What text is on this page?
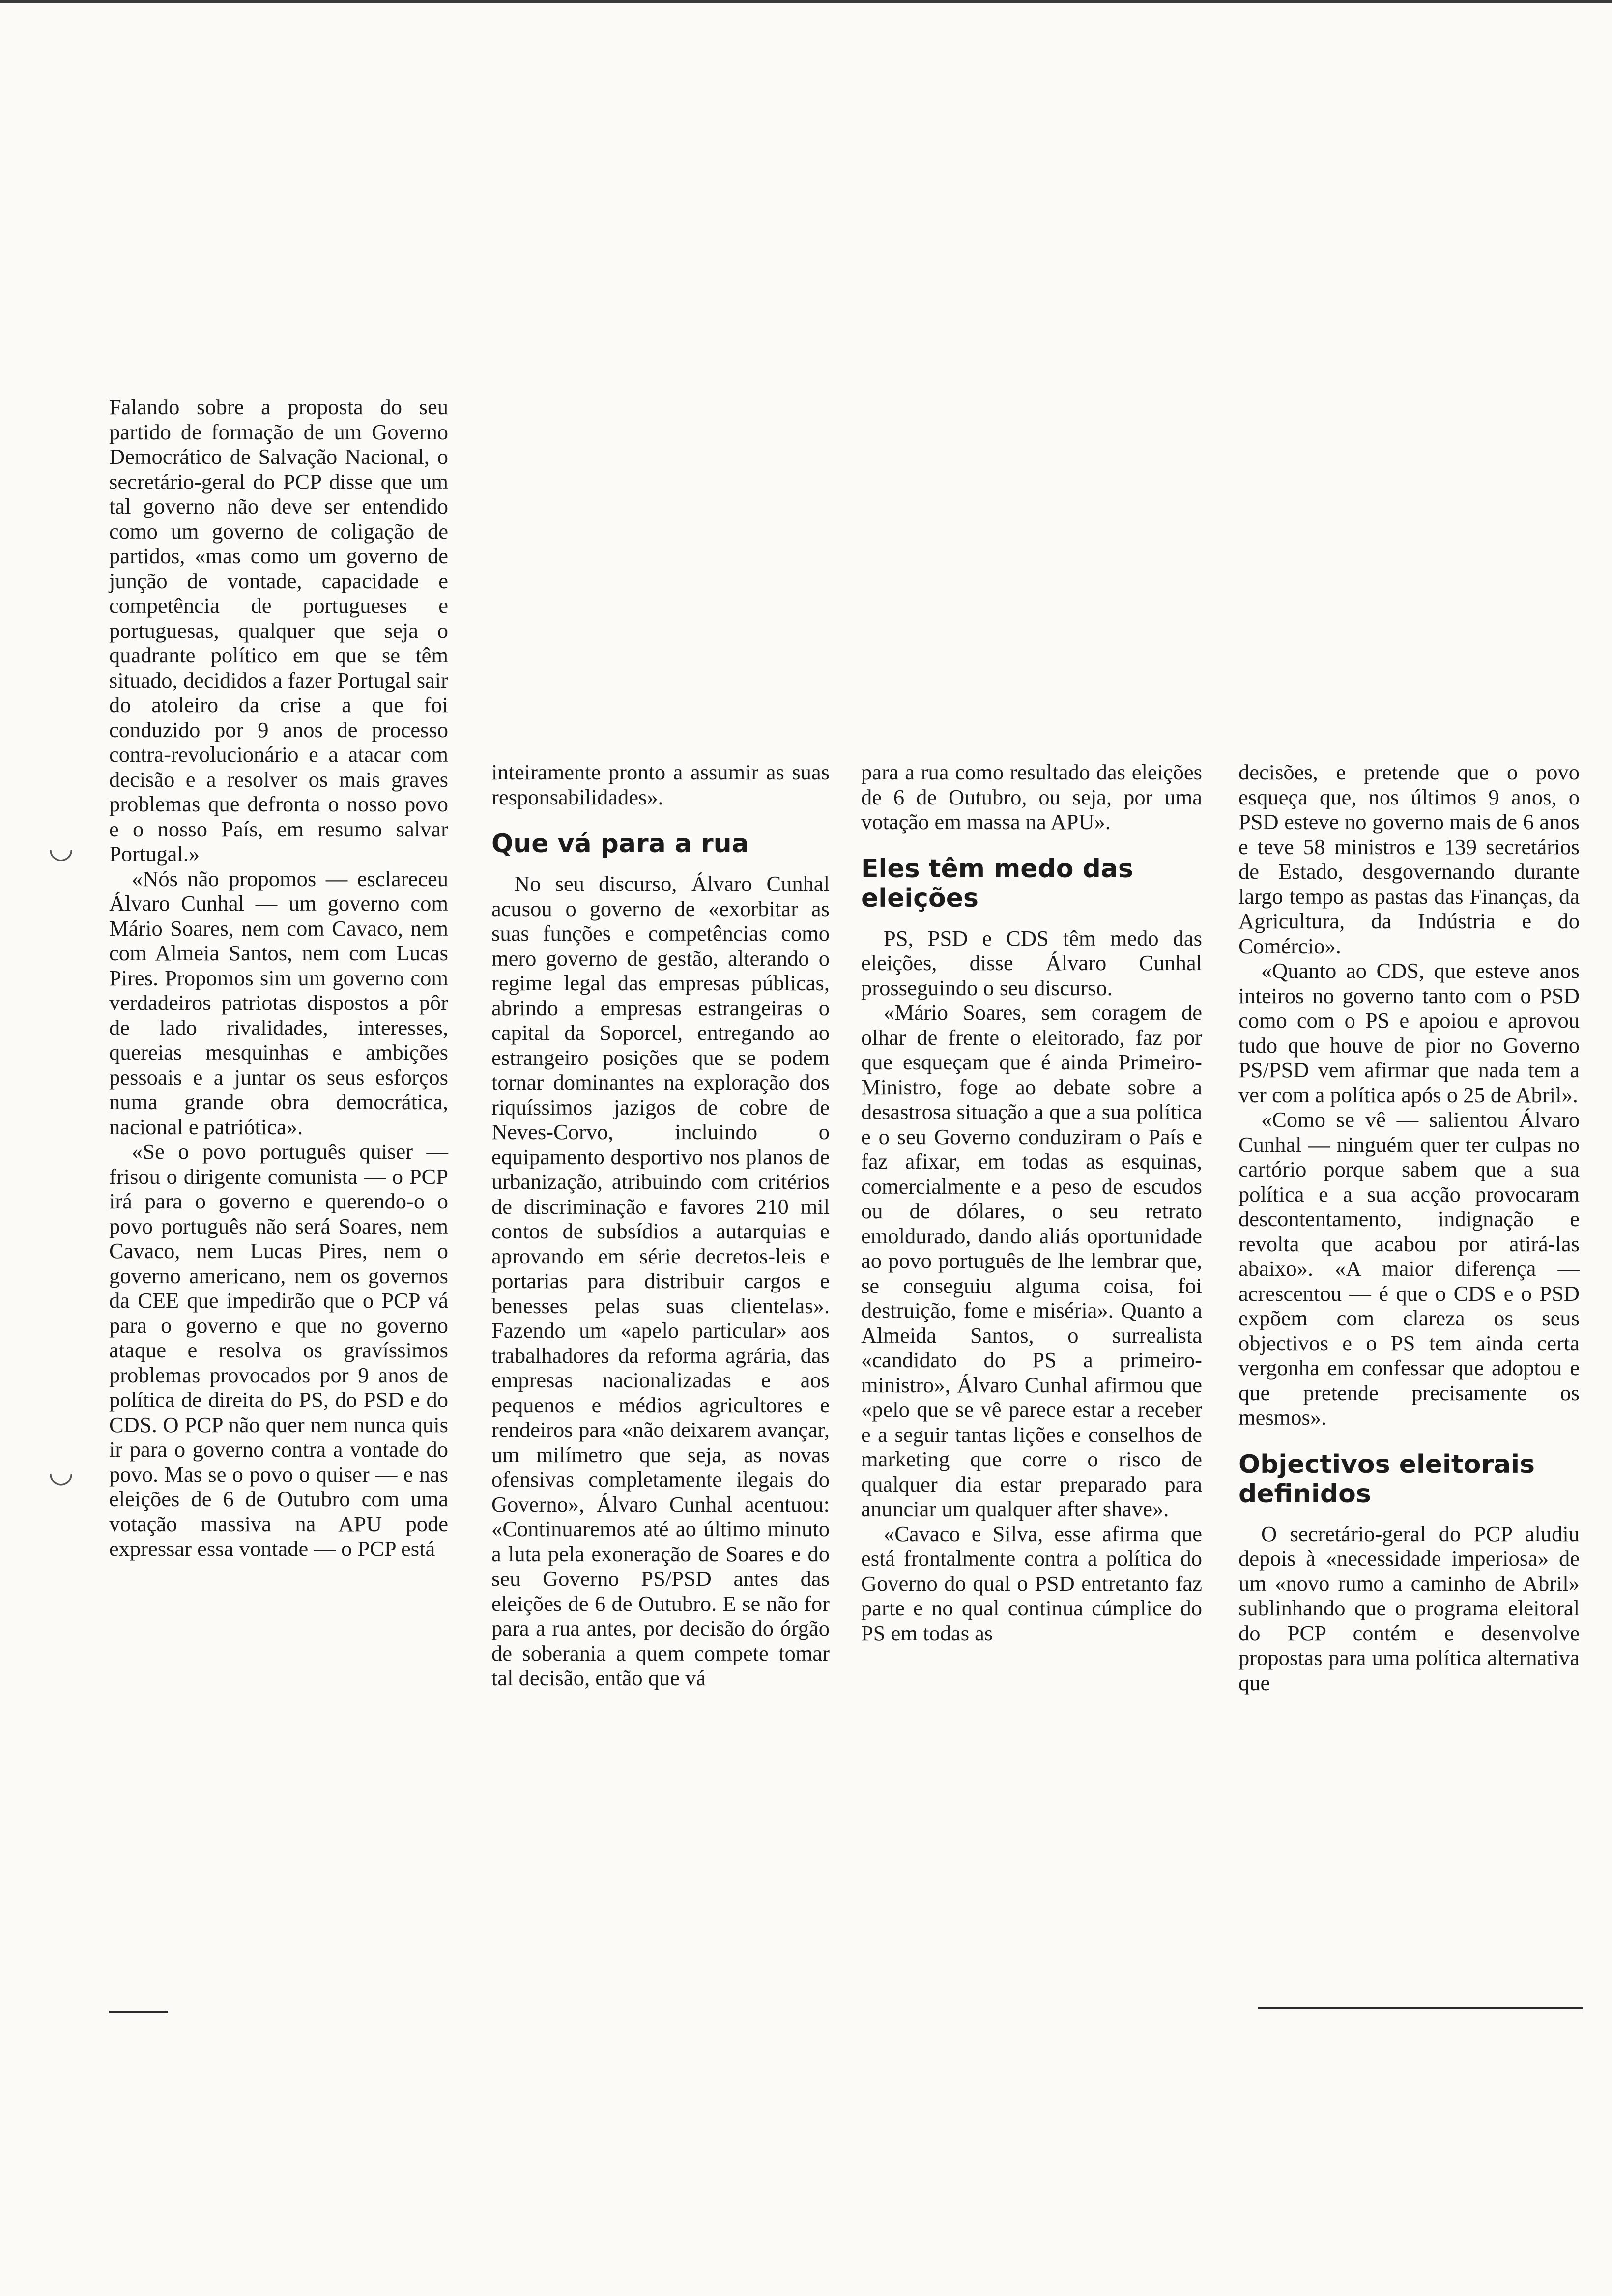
Falando sobre a proposta do seu partido de formação de um Governo Democrático de Salvação Nacional, o secretário-geral do PCP disse que um tal governo não deve ser entendido como um governo de coligação de partidos, «mas como um governo de junção de vontade, capacidade e competência de portugueses e portuguesas, qualquer que seja o quadrante político em que se têm situado, decididos a fazer Portugal sair do atoleiro da crise a que foi conduzido por 9 anos de processo contra-revolucionário e a atacar com decisão e a resolver os mais graves problemas que defronta o nosso povo e o nosso País, em resumo salvar Portugal.»

«Nós não propomos — esclareceu Álvaro Cunhal — um governo com Mário Soares, nem com Cavaco, nem com Almeia Santos, nem com Lucas Pires. Propomos sim um governo com verdadeiros patriotas dispostos a pôr de lado rivalidades, interesses, quereias mesquinhas e ambições pessoais e a juntar os seus esforços numa grande obra democrática, nacional e patriótica».

«Se o povo português quiser — frisou o dirigente comunista — o PCP irá para o governo e querendo-o o povo português não será Soares, nem Cavaco, nem Lucas Pires, nem o governo americano, nem os governos da CEE que impedirão que o PCP vá para o governo e que no governo ataque e resolva os gravíssimos problemas provocados por 9 anos de política de direita do PS, do PSD e do CDS. O PCP não quer nem nunca quis ir para o governo contra a vontade do povo. Mas se o povo o quiser — e nas eleições de 6 de Outubro com uma votação massiva na APU pode expressar essa vontade — o PCP está

inteiramente pronto a assumir as suas responsabilidades».

Que vá para a rua

No seu discurso, Álvaro Cunhal acusou o governo de «exorbitar as suas funções e competências como mero governo de gestão, alterando o regime legal das empresas públicas, abrindo a empresas estrangeiras o capital da Soporcel, entregando ao estrangeiro posições que se podem tornar dominantes na exploração dos riquíssimos jazigos de cobre de Neves-Corvo, incluindo o equipamento desportivo nos planos de urbanização, atribuindo com critérios de discriminação e favores 210 mil contos de subsídios a autarquias e aprovando em série decretos-leis e portarias para distribuir cargos e benesses pelas suas clientelas». Fazendo um «apelo particular» aos trabalhadores da reforma agrária, das empresas nacionalizadas e aos pequenos e médios agricultores e rendeiros para «não deixarem avançar, um milímetro que seja, as novas ofensivas completamente ilegais do Governo», Álvaro Cunhal acentuou: «Continuaremos até ao último minuto a luta pela exoneração de Soares e do seu Governo PS/PSD antes das eleições de 6 de Outubro. E se não for para a rua antes, por decisão do órgão de soberania a quem compete tomar tal decisão, então que vá

para a rua como resultado das eleições de 6 de Outubro, ou seja, por uma votação em massa na APU».

Eles têm medo das eleições

PS, PSD e CDS têm medo das eleições, disse Álvaro Cunhal prosseguindo o seu discurso.

«Mário Soares, sem coragem de olhar de frente o eleitorado, faz por que esqueçam que é ainda Primeiro-Ministro, foge ao debate sobre a desastrosa situação a que a sua política e o seu Governo conduziram o País e faz afixar, em todas as esquinas, comercialmente e a peso de escudos ou de dólares, o seu retrato emoldurado, dando aliás oportunidade ao povo português de lhe lembrar que, se conseguiu alguma coisa, foi destruição, fome e miséria». Quanto a Almeida Santos, o surrealista «candidato do PS a primeiro-ministro», Álvaro Cunhal afirmou que «pelo que se vê parece estar a receber e a seguir tantas lições e conselhos de marketing que corre o risco de qualquer dia estar preparado para anunciar um qualquer after shave».

«Cavaco e Silva, esse afirma que está frontalmente contra a política do Governo do qual o PSD entretanto faz parte e no qual continua cúmplice do PS em todas as

decisões, e pretende que o povo esqueça que, nos últimos 9 anos, o PSD esteve no governo mais de 6 anos e teve 58 ministros e 139 secretários de Estado, desgovernando durante largo tempo as pastas das Finanças, da Agricultura, da Indústria e do Comércio».

«Quanto ao CDS, que esteve anos inteiros no governo tanto com o PSD como com o PS e apoiou e aprovou tudo que houve de pior no Governo PS/PSD vem afirmar que nada tem a ver com a política após o 25 de Abril».

«Como se vê — salientou Álvaro Cunhal — ninguém quer ter culpas no cartório porque sabem que a sua política e a sua acção provocaram descontentamento, indignação e revolta que acabou por atirá-las abaixo». «A maior diferença — acrescentou — é que o CDS e o PSD expõem com clareza os seus objectivos e o PS tem ainda certa vergonha em confessar que adoptou e que pretende precisamente os mesmos».

Objectivos eleitorais definidos

O secretário-geral do PCP aludiu depois à «necessidade imperiosa» de um «novo rumo a caminho de Abril» sublinhando que o programa eleitoral do PCP contém e desenvolve propostas para uma política alternativa que

◡
◡
